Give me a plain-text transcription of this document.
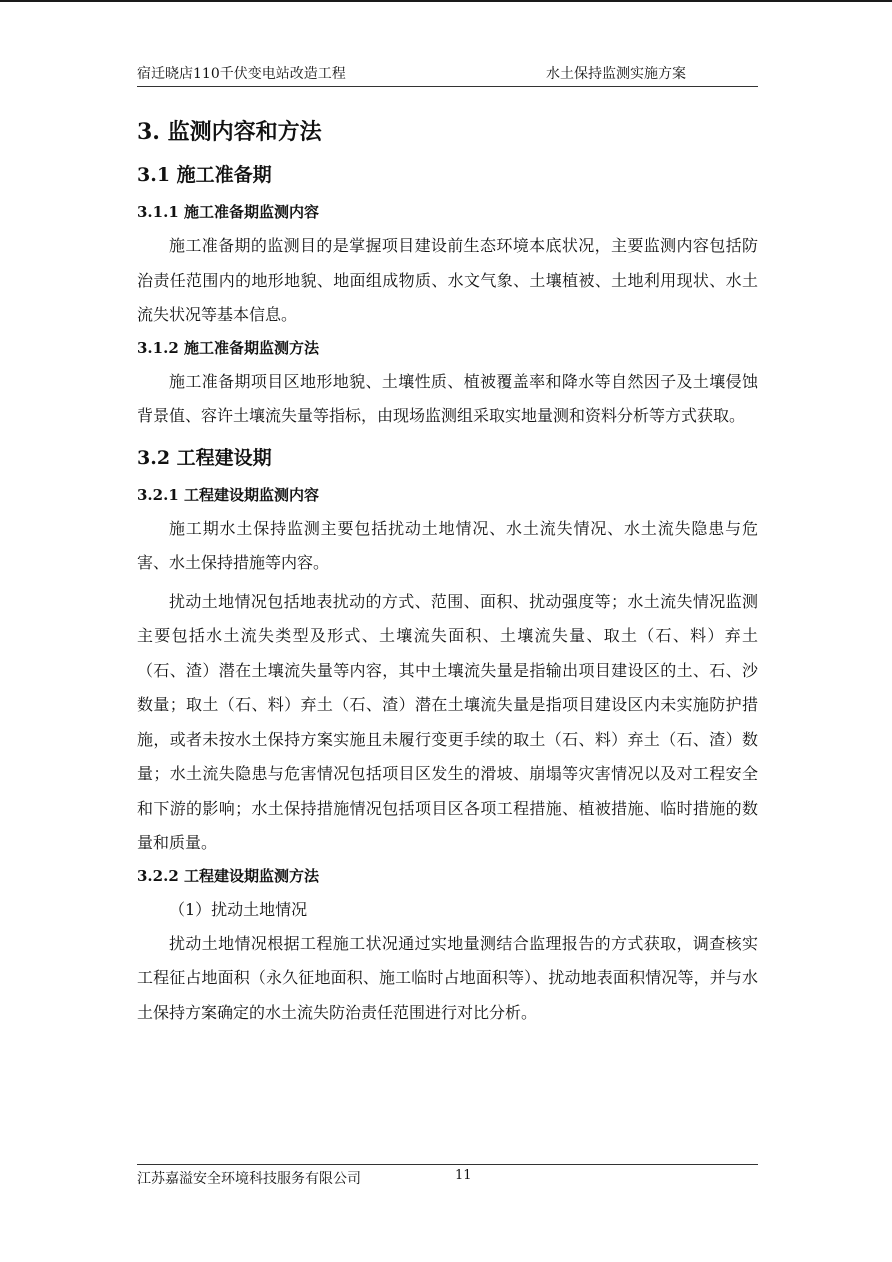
宿迁晓店110千伏变电站改造工程	水土保持监测实施方案
3. 监测内容和方法
3.1 施工准备期
3.1.1 施工准备期监测内容

施工准备期的监测目的是掌握项目建设前生态环境本底状况，主要监测内容包括防治责任范围内的地形地貌、地面组成物质、水文气象、土壤植被、土地利用现状、水土流失状况等基本信息。

3.1.2 施工准备期监测方法

施工准备期项目区地形地貌、土壤性质、植被覆盖率和降水等自然因子及土壤侵蚀背景值、容许土壤流失量等指标，由现场监测组采取实地量测和资料分析等方式获取。

3.2 工程建设期
3.2.1 工程建设期监测内容

施工期水土保持监测主要包括扰动土地情况、水土流失情况、水土流失隐患与危害、水土保持措施等内容。

扰动土地情况包括地表扰动的方式、范围、面积、扰动强度等；水土流失情况监测主要包括水土流失类型及形式、土壤流失面积、土壤流失量、取土（石、料）弃土（石、渣）潜在土壤流失量等内容，其中土壤流失量是指输出项目建设区的土、石、沙数量；取土（石、料）弃土（石、渣）潜在土壤流失量是指项目建设区内未实施防护措施，或者未按水土保持方案实施且未履行变更手续的取土（石、料）弃土（石、渣）数量；水土流失隐患与危害情况包括项目区发生的滑坡、崩塌等灾害情况以及对工程安全和下游的影响；水土保持措施情况包括项目区各项工程措施、植被措施、临时措施的数量和质量。

3.2.2 工程建设期监测方法

（1）扰动土地情况

扰动土地情况根据工程施工状况通过实地量测结合监理报告的方式获取，调查核实工程征占地面积（永久征地面积、施工临时占地面积等）、扰动地表面积情况等，并与水土保持方案确定的水土流失防治责任范围进行对比分析。

江苏嘉溢安全环境科技服务有限公司	11
